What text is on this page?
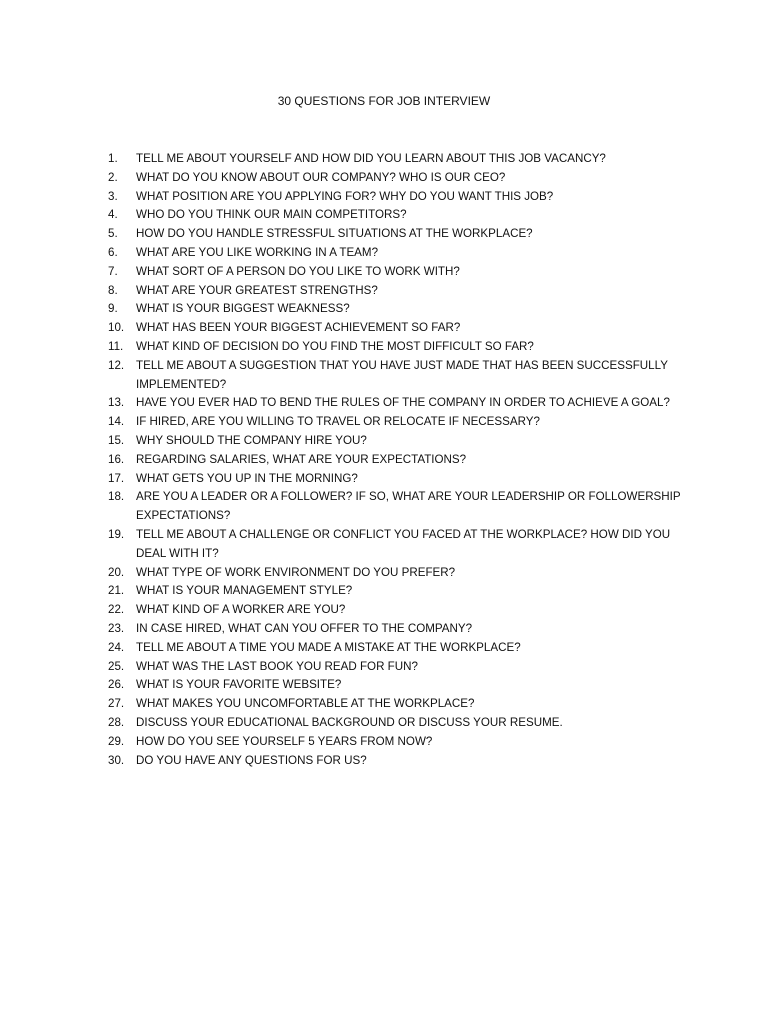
30 QUESTIONS FOR JOB INTERVIEW
1.	TELL ME ABOUT YOURSELF AND HOW DID YOU LEARN ABOUT THIS JOB VACANCY?
2.	WHAT DO YOU KNOW ABOUT OUR COMPANY? WHO IS OUR CEO?
3.	WHAT POSITION ARE YOU APPLYING FOR? WHY DO YOU WANT THIS JOB?
4.	WHO DO YOU THINK OUR MAIN COMPETITORS?
5.	HOW DO YOU HANDLE STRESSFUL SITUATIONS AT THE WORKPLACE?
6.	WHAT ARE YOU LIKE WORKING IN A TEAM?
7.	WHAT SORT OF A PERSON DO YOU LIKE TO WORK WITH?
8.	WHAT ARE YOUR GREATEST STRENGTHS?
9.	WHAT IS YOUR BIGGEST WEAKNESS?
10.	WHAT HAS BEEN YOUR BIGGEST ACHIEVEMENT SO FAR?
11.	WHAT KIND OF DECISION DO YOU FIND THE MOST DIFFICULT SO FAR?
12.	TELL ME ABOUT A SUGGESTION THAT YOU HAVE JUST MADE THAT HAS BEEN SUCCESSFULLY IMPLEMENTED?
13.	HAVE YOU EVER HAD TO BEND THE RULES OF THE COMPANY IN ORDER TO ACHIEVE A GOAL?
14.	IF HIRED, ARE YOU WILLING TO TRAVEL OR RELOCATE IF NECESSARY?
15.	WHY SHOULD THE COMPANY HIRE YOU?
16.	REGARDING SALARIES, WHAT ARE YOUR EXPECTATIONS?
17.	WHAT GETS YOU UP IN THE MORNING?
18.	ARE YOU A LEADER OR A FOLLOWER? IF SO, WHAT ARE YOUR LEADERSHIP OR FOLLOWERSHIP EXPECTATIONS?
19.	TELL ME ABOUT A CHALLENGE OR CONFLICT YOU FACED AT THE WORKPLACE? HOW DID YOU DEAL WITH IT?
20.	WHAT TYPE OF WORK ENVIRONMENT DO YOU PREFER?
21.	WHAT IS YOUR MANAGEMENT STYLE?
22.	WHAT KIND OF A WORKER ARE YOU?
23.	IN CASE HIRED, WHAT CAN YOU OFFER TO THE COMPANY?
24.	TELL ME ABOUT A TIME YOU MADE A MISTAKE AT THE WORKPLACE?
25.	WHAT WAS THE LAST BOOK YOU READ FOR FUN?
26.	WHAT IS YOUR FAVORITE WEBSITE?
27.	WHAT MAKES YOU UNCOMFORTABLE AT THE WORKPLACE?
28.	DISCUSS YOUR EDUCATIONAL BACKGROUND OR DISCUSS YOUR RESUME.
29.	HOW DO YOU SEE YOURSELF 5 YEARS FROM NOW?
30.	DO YOU HAVE ANY QUESTIONS FOR US?
